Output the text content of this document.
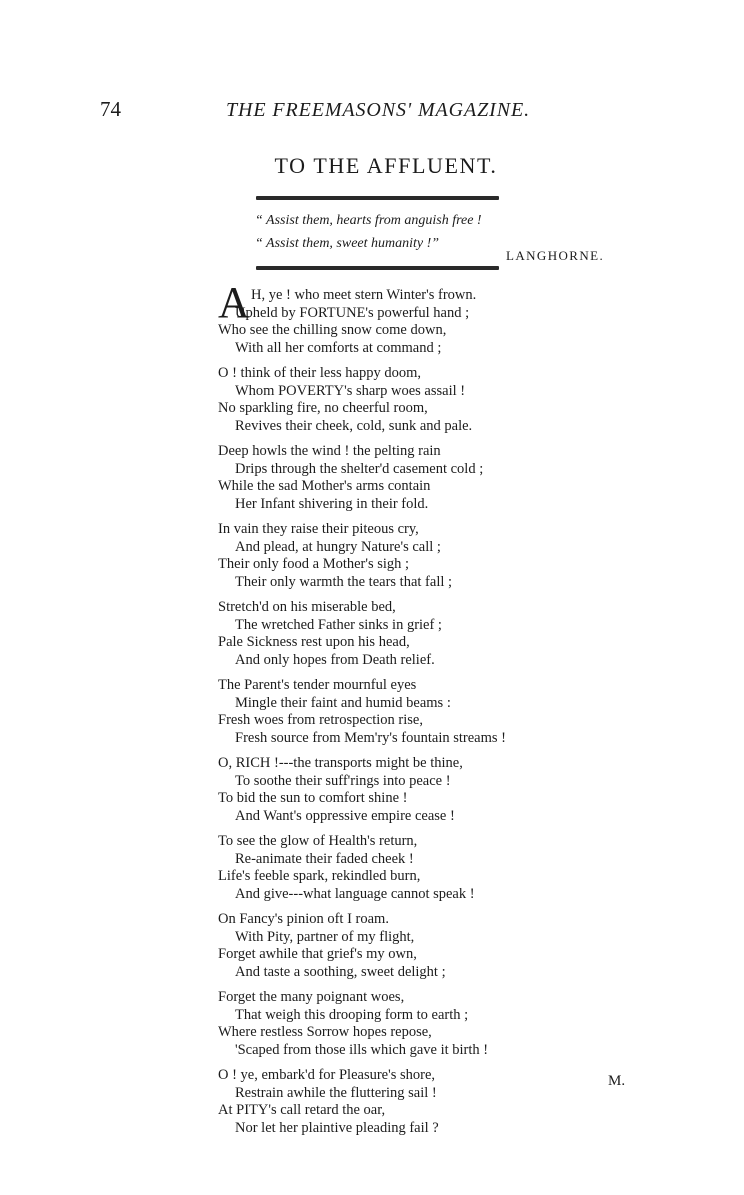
74	THE FREEMASONS' MAGAZINE.
TO THE AFFLUENT.
“ Assist them, hearts from anguish free !
“ Assist them, sweet humanity !”
LANGHORNE.
A H, ye ! who meet stern Winter's frown.
Upheld by FORTUNE's powerful hand ;
Who see the chilling snow come down,
With all her comforts at command ;
O ! think of their less happy doom,
Whom POVERTY's sharp woes assail !
No sparkling fire, no cheerful room,
Revives their cheek, cold, sunk and pale.
Deep howls the wind ! the pelting rain
Drips through the shelter'd casement cold ;
While the sad Mother's arms contain
Her Infant shivering in their fold.
In vain they raise their piteous cry,
And plead, at hungry Nature's call ;
Their only food a Mother's sigh ;
Their only warmth the tears that fall ;
Stretch'd on his miserable bed,
The wretched Father sinks in grief ;
Pale Sickness rest upon his head,
And only hopes from Death relief.
The Parent's tender mournful eyes
Mingle their faint and humid beams :
Fresh woes from retrospection rise,
Fresh source from Mem'ry's fountain streams !
O, RICH !---the transports might be thine,
To soothe their suff'rings into peace !
To bid the sun to comfort shine !
And Want's oppressive empire cease !
To see the glow of Health's return,
Re-animate their faded cheek !
Life's feeble spark, rekindled burn,
And give---what language cannot speak !
On Fancy's pinion oft I roam.
With Pity, partner of my flight,
Forget awhile that grief's my own,
And taste a soothing, sweet delight ;
Forget the many poignant woes,
That weigh this drooping form to earth ;
Where restless Sorrow hopes repose,
'Scaped from those ills which gave it birth !
O ! ye, embark'd for Pleasure's shore,
Restrain awhile the fluttering sail !
At PITY's call retard the oar,
Nor let her plaintive pleading fail ?
M.
